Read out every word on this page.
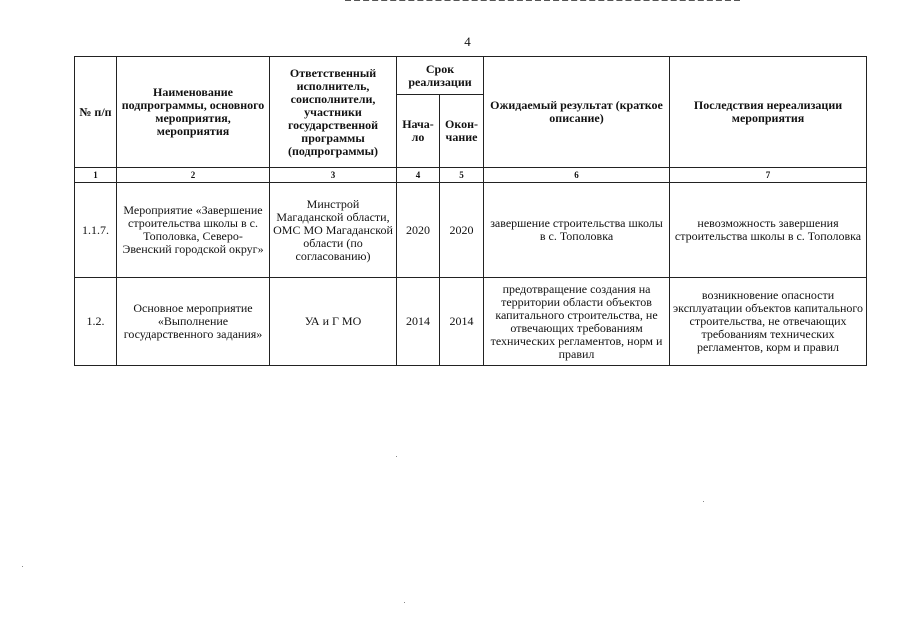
4
№ п/п	Наименование подпрограммы, основного мероприятия, мероприятия	Ответственный исполнитель, соисполнители, участники государственной программы (подпрограммы)	Срок реализации		Ожидаемый результат (краткое описание)	Последствия нереализации мероприятия
			Нача- ло	Окон- чание		
1	2	3	4	5	6	7
1.1.7.	Мероприятие «Завершение строительства школы в с. Тополовка, Северо-Эвенский городской округ»	Минстрой Магаданской области, ОМС МО Магаданской области (по согласованию)	2020	2020	завершение строительства школы в с. Тополовка	невозможность завершения строительства школы в с. Тополовка
1.2.	Основное мероприятие «Выполнение государственного задания»	УА и Г МО	2014	2014	предотвращение создания на территории области объектов капитального строительства, не отвечающих требованиям технических регламентов, норм и правил	возникновение опасности эксплуатации объектов капитального строительства, не отвечающих требованиям технических регламентов, корм и правил
